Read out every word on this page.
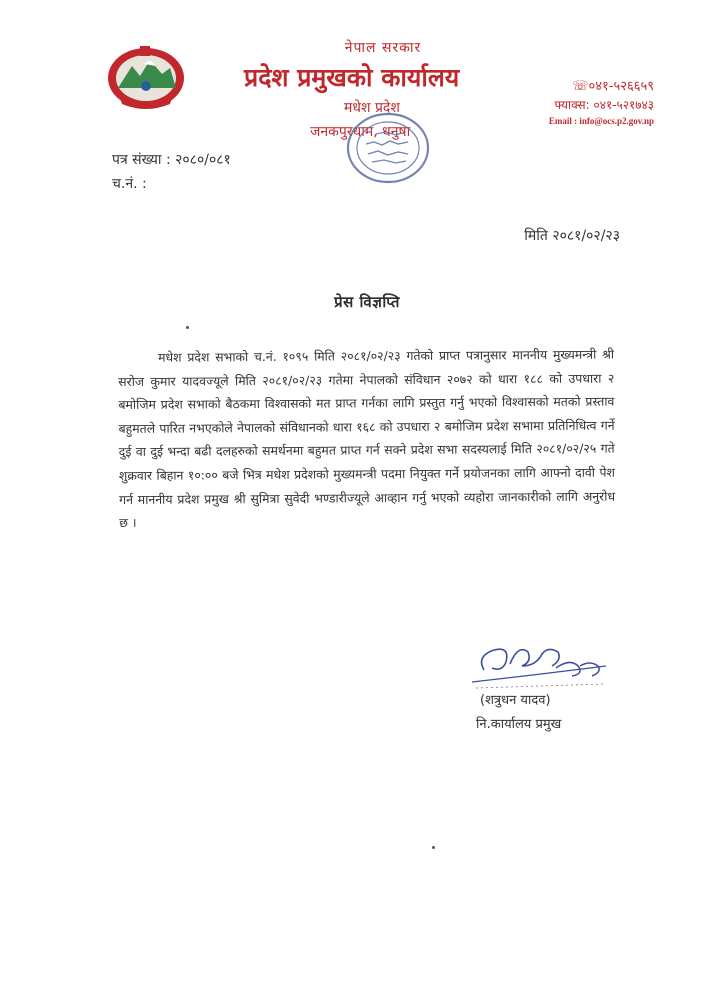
नेपाल सरकार
प्रदेश प्रमुखको कार्यालय
मधेश प्रदेश
जनकपुरधाम, धनुषा
☏०४१-५२६६५९
फ्याक्स: ०४१-५२१७४३
Email : info@ocs.p2.gov.np
पत्र संख्या : २०८०/०८१
च.नं. :
मिति २०८१/०२/२३
प्रेस विज्ञप्ति
मधेश प्रदेश सभाको च.नं. १०९५ मिति २०८१/०२/२३ गतेको प्राप्त पत्रानुसार माननीय मुख्यमन्त्री श्री सरोज कुमार यादवज्यूले मिति २०८१/०२/२३ गतेमा नेपालको संविधान २०७२ को धारा १८८ को उपधारा २ बमोजिम प्रदेश सभाको बैठकमा विश्वासको मत प्राप्त गर्नका लागि प्रस्तुत गर्नु भएको विश्वासको मतको प्रस्ताव बहुमतले पारित नभएकोले नेपालको संविधानको धारा १६८ को उपधारा २ बमोजिम प्रदेश सभामा प्रतिनिधित्व गर्ने दुई वा दुई भन्दा बढी दलहरुको समर्थनमा बहुमत प्राप्त गर्न सक्ने प्रदेश सभा सदस्यलाई मिति २०८१/०२/२५ गते शुक्रवार बिहान १०:०० बजे भित्र मधेश प्रदेशको मुख्यमन्त्री पदमा नियुक्त गर्ने प्रयोजनका लागि आफ्नो दावी पेश गर्न माननीय प्रदेश प्रमुख श्री सुमित्रा सुवेदी भण्डारीज्यूले आव्हान गर्नु भएको व्यहोरा जानकारीको लागि अनुरोध छ ।
(शत्रुधन यादव)
नि.कार्यालय प्रमुख
